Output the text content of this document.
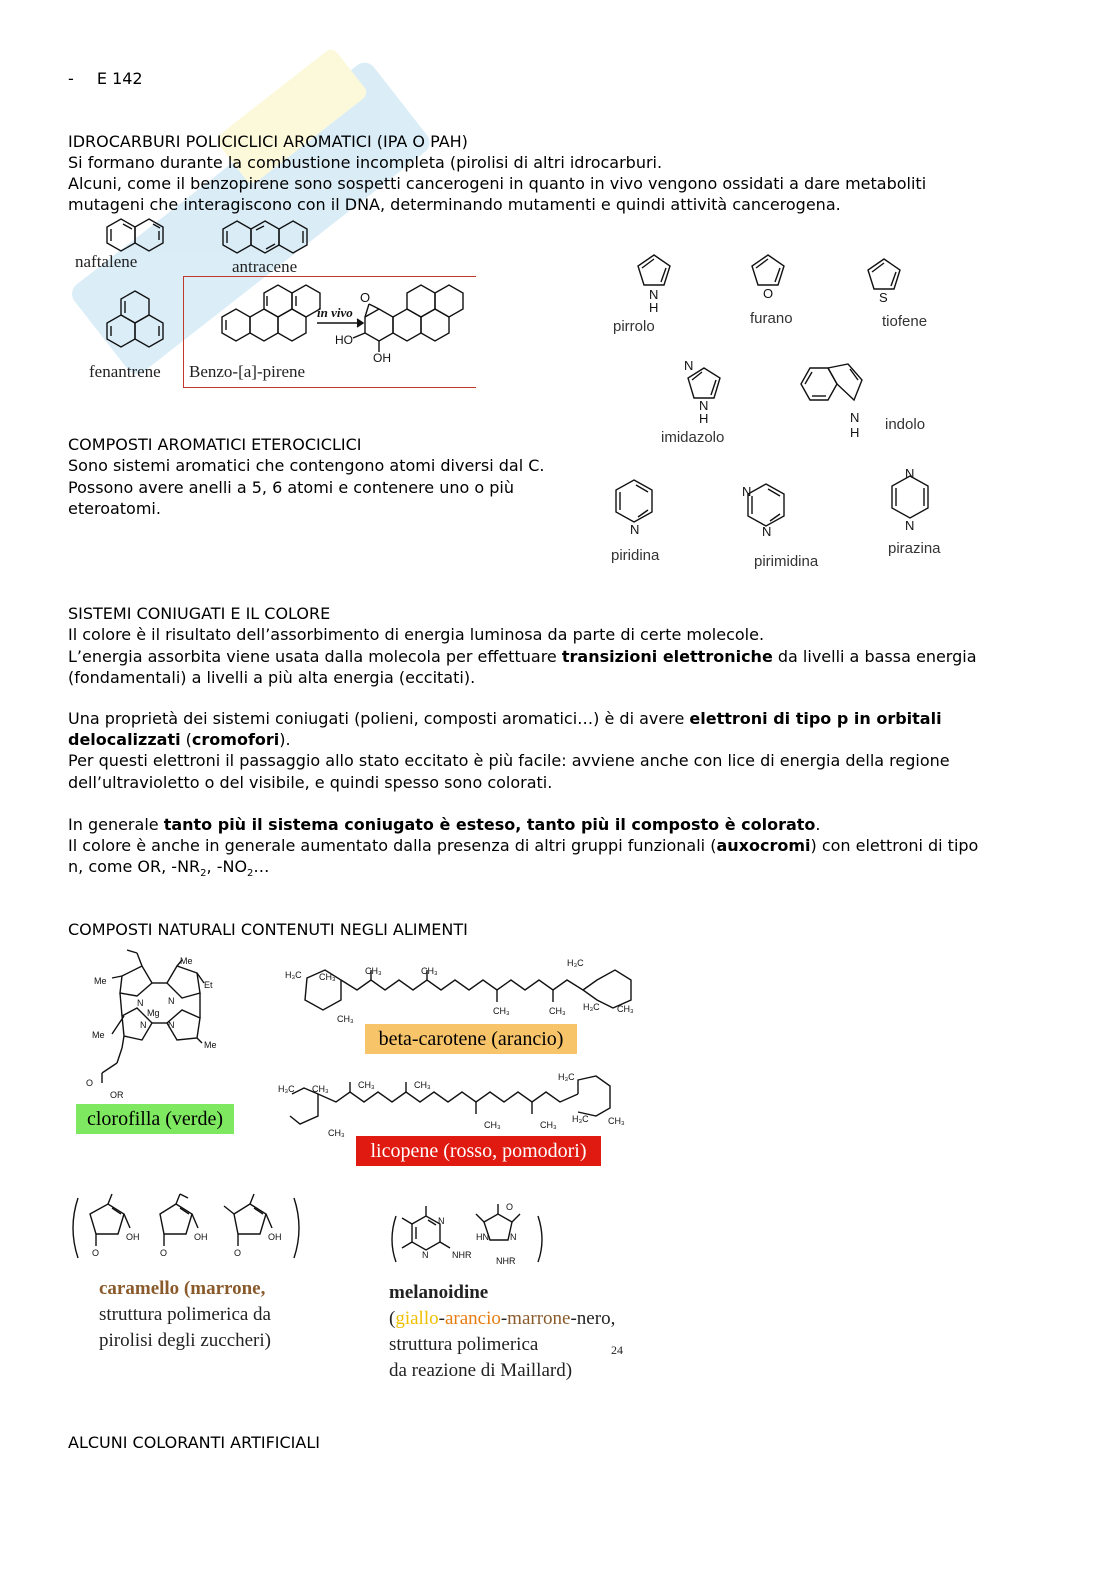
- E 142
IDROCARBURI POLICICLICI AROMATICI (IPA O PAH)
Si formano durante la combustione incompleta (pirolisi di altri idrocarburi.
Alcuni, come il benzopirene sono sospetti cancerogeni in quanto in vivo vengono ossidati a dare metaboliti
mutageni che interagiscono con il DNA, determinando mutamenti e quindi attività cancerogena.
naftalene	antracene
fenantrene
in vivo
O
HO
OH
Benzo-[a]-pirene
N
H
pirrolo
O
furano
S
tiofene
N
N
H
imidazolo
N
H indolo
N
piridina
N
N
pirimidina
N
N
pirazina
COMPOSTI AROMATICI ETEROCICLICI
Sono sistemi aromatici che contengono atomi diversi dal C.
Possono avere anelli a 5, 6 atomi e contenere uno o più
eteroatomi.
SISTEMI CONIUGATI E IL COLORE
Il colore è il risultato dell’assorbimento di energia luminosa da parte di certe molecole.
L’energia assorbita viene usata dalla molecola per effettuare transizioni elettroniche da livelli a bassa energia
(fondamentali) a livelli a più alta energia (eccitati).
Una proprietà dei sistemi coniugati (polieni, composti aromatici…) è di avere elettroni di tipo p in orbitali
delocalizzati (cromofori).
Per questi elettroni il passaggio allo stato eccitato è più facile: avviene anche con lice di energia della regione
dell’ultravioletto o del visibile, e quindi spesso sono colorati.
In generale tanto più il sistema coniugato è esteso, tanto più il composto è colorato.
Il colore è anche in generale aumentato dalla presenza di altri gruppi funzionali (auxocromi) con elettroni di tipo
n, come OR, $-NR_2$, $-NO_2\dots$
COMPOSTI NATURALI CONTENUTI NEGLI ALIMENTI
Me
Me
Et
Mg
N	N
N N
Me
Me
O
OR
clorofilla (verde)
H₃C CH₃
CH₃	CH₃
CH₃
CH₃	CH₃
H₃C
H₃C CH₃
beta-carotene (arancio)
H₃C CH₃	CH₃	CH₃
CH₃
CH₃	CH₃
H₃C
H₃C CH₃
licopene (rosso, pomodori)
O
OH
O
OH
O
OH
caramello (marrone,
struttura polimerica da
pirolisi degli zuccheri)
N
N	NHR
O
HN N
NHR
melanoidine
(giallo-arancio-marrone-nero,
struttura polimerica
da reazione di Maillard)
24
ALCUNI COLORANTI ARTIFICIALI
